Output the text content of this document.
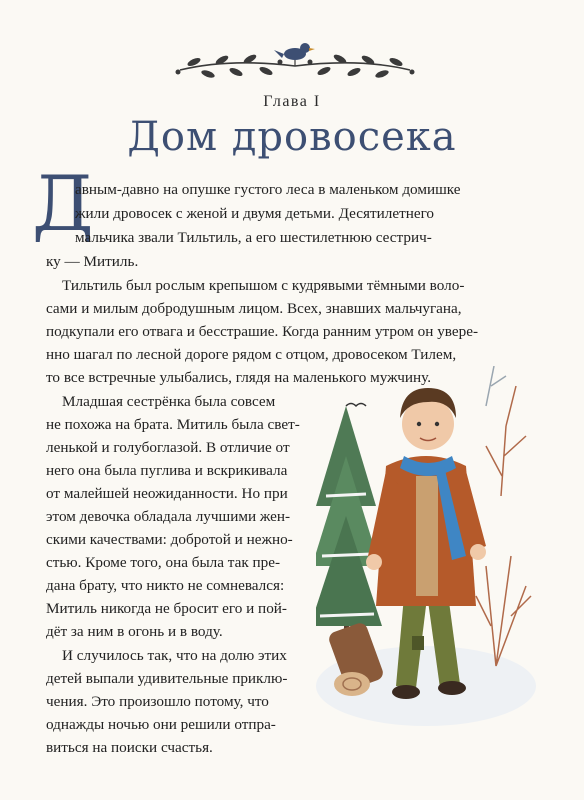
Глава I
Дом дровосека
Д
авным-давно на опушке густого леса в маленьком домишке
жили дровосек с женой и двумя детьми. Десятилетнего
мальчика звали Тильтиль, а его шестилетнюю сестрич-
ку — Митиль.
Тильтиль был рослым крепышом с кудрявыми тёмными воло-
сами и милым добродушным лицом. Всех, знавших мальчугана,
подкупали его отвага и бесстрашие. Когда ранним утром он увере-
нно шагал по лесной дороге рядом с отцом, дровосеком Тилем,
то все встречные улыбались, глядя на маленького мужчину.
Младшая сестрёнка была совсем
не похожа на брата. Митиль была свет-
ленькой и голубоглазой. В отличие от
него она была пуглива и вскрикивала
от малейшей неожиданности. Но при
этом девочка обладала лучшими жен-
скими качествами: добротой и нежно-
стью. Кроме того, она была так пре-
дана брату, что никто не сомневался:
Митиль никогда не бросит его и пой-
дёт за ним в огонь и в воду.
И случилось так, что на долю этих
детей выпали удивительные приклю-
чения. Это произошло потому, что
однажды ночью они решили отпра-
виться на поиски счастья.
